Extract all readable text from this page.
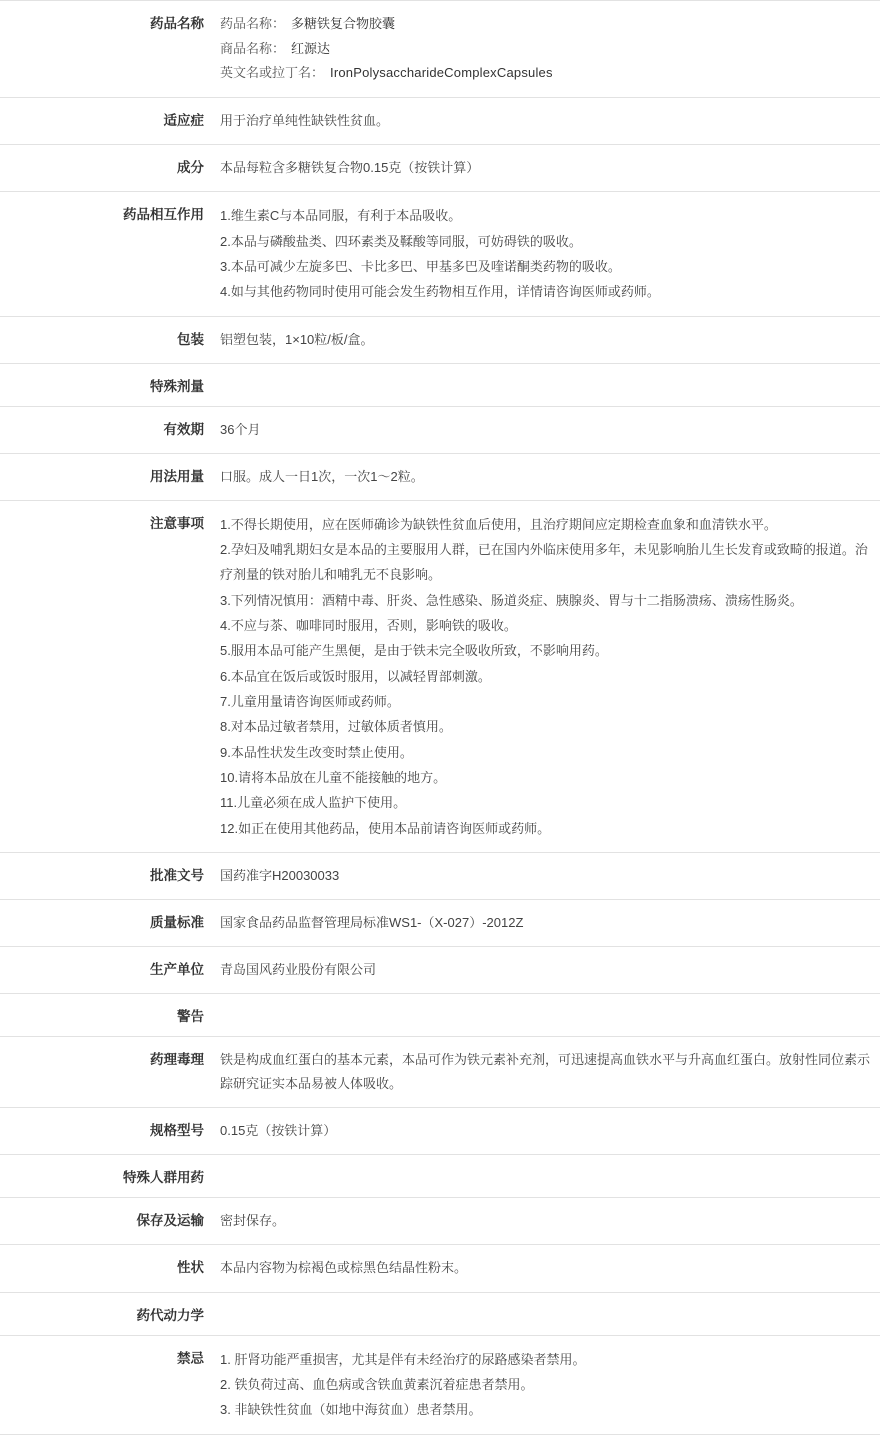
药品名称	药品名称： 多糖铁复合物胶囊
商品名称： 红源达
英文名或拉丁名： IronPolysaccharideComplexCapsules

适应症	用于治疗单纯性缺铁性贫血。

成分	本品每粒含多糖铁复合物0.15克（按铁计算）

药品相互作用	1.维生素C与本品同服，有利于本品吸收。
2.本品与磷酸盐类、四环素类及鞣酸等同服，可妨碍铁的吸收。
3.本品可减少左旋多巴、卡比多巴、甲基多巴及喹诺酮类药物的吸收。
4.如与其他药物同时使用可能会发生药物相互作用，详情请咨询医师或药师。

包装	铝塑包装，1×10粒/板/盒。

特殊剂量	

有效期	36个月

用法用量	口服。成人一日1次，一次1～2粒。

注意事项	1.不得长期使用，应在医师确诊为缺铁性贫血后使用，且治疗期间应定期检查血象和血清铁水平。
2.孕妇及哺乳期妇女是本品的主要服用人群，已在国内外临床使用多年，未见影响胎儿生长发育或致畸的报道。治疗剂量的铁对胎儿和哺乳无不良影响。
3.下列情况慎用：酒精中毒、肝炎、急性感染、肠道炎症、胰腺炎、胃与十二指肠溃疡、溃疡性肠炎。
4.不应与茶、咖啡同时服用，否则，影响铁的吸收。
5.服用本品可能产生黑便，是由于铁未完全吸收所致，不影响用药。
6.本品宜在饭后或饭时服用，以减轻胃部刺激。
7.儿童用量请咨询医师或药师。
8.对本品过敏者禁用，过敏体质者慎用。
9.本品性状发生改变时禁止使用。
10.请将本品放在儿童不能接触的地方。
11.儿童必须在成人监护下使用。
12.如正在使用其他药品，使用本品前请咨询医师或药师。

批准文号	国药准字H20030033

质量标准	国家食品药品监督管理局标准WS1-（X-027）-2012Z

生产单位	青岛国风药业股份有限公司

警告	

药理毒理	铁是构成血红蛋白的基本元素，本品可作为铁元素补充剂，可迅速提高血铁水平与升高血红蛋白。放射性同位素示踪研究证实本品易被人体吸收。

规格型号	0.15克（按铁计算）

特殊人群用药	

保存及运输	密封保存。

性状	本品内容物为棕褐色或棕黑色结晶性粉末。

药代动力学	

禁忌	1. 肝肾功能严重损害，尤其是伴有未经治疗的尿路感染者禁用。
2. 铁负荷过高、血色病或含铁血黄素沉着症患者禁用。
3. 非缺铁性贫血（如地中海贫血）患者禁用。
